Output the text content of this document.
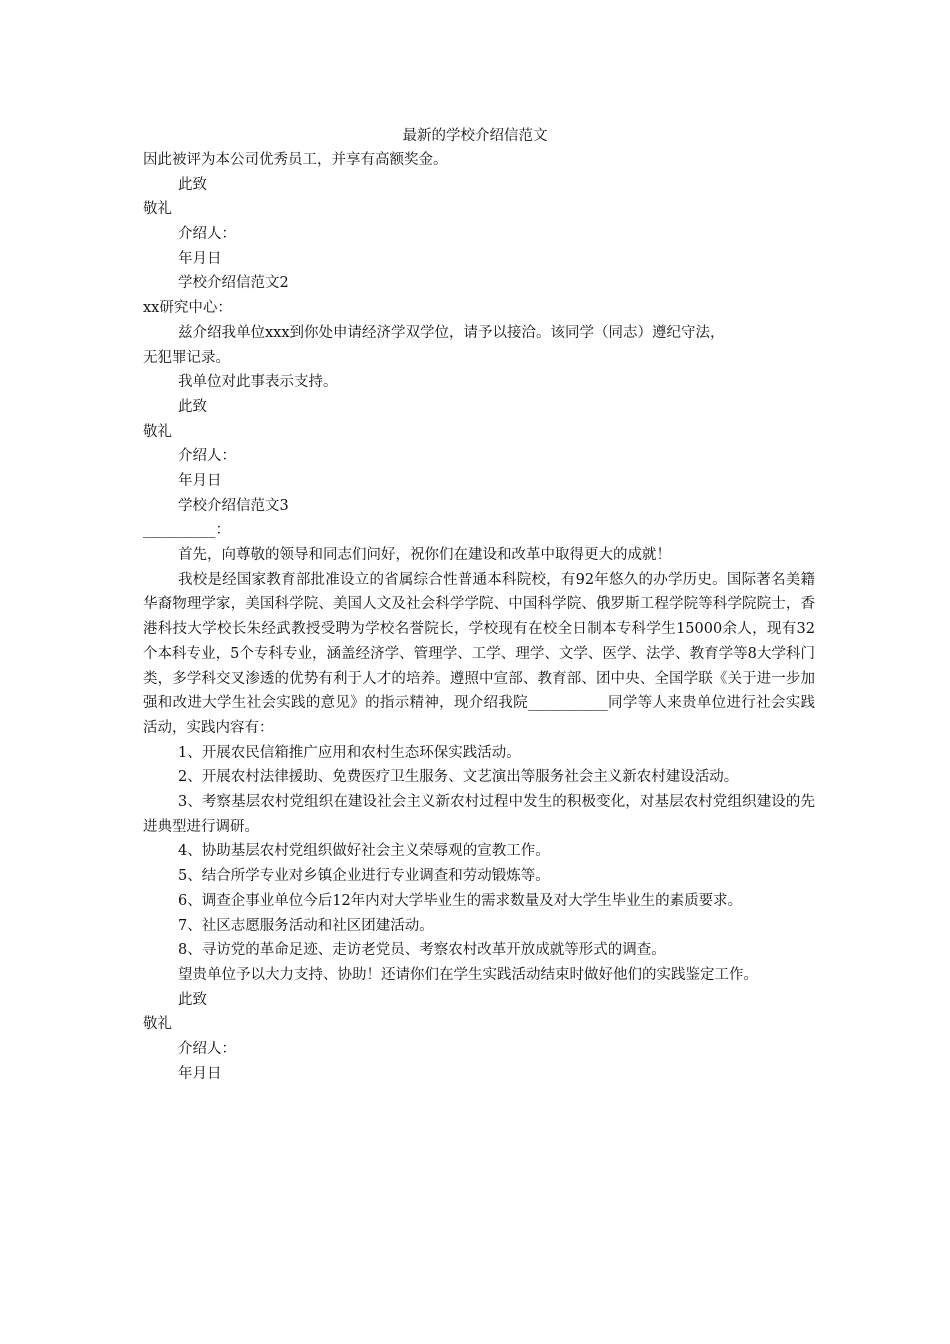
最新的学校介绍信范文
因此被评为本公司优秀员工，并享有高额奖金。
此致
敬礼
介绍人：
年月日
学校介绍信范文2
xx研究中心：
兹介绍我单位xxx到你处申请经济学双学位，请予以接洽。该同学（同志）遵纪守法，
无犯罪记录。
我单位对此事表示支持。
此致
敬礼
介绍人：
年月日
学校介绍信范文3
__________：
首先，向尊敬的领导和同志们问好，祝你们在建设和改革中取得更大的成就！
我校是经国家教育部批准设立的省属综合性普通本科院校，有92年悠久的办学历史。国际著名美籍华裔物理学家，美国科学院、美国人文及社会科学学院、中国科学院、俄罗斯工程学院等科学院院士，香港科技大学校长朱经武教授受聘为学校名誉院长，学校现有在校全日制本专科学生15000余人，现有32个本科专业，5个专科专业，涵盖经济学、管理学、工学、理学、文学、医学、法学、教育学等8大学科门类，多学科交叉渗透的优势有利于人才的培养。遵照中宣部、教育部、团中央、全国学联《关于进一步加强和改进大学生社会实践的意见》的指示精神，现介绍我院___________同学等人来贵单位进行社会实践活动，实践内容有：
1、开展农民信箱推广应用和农村生态环保实践活动。
2、开展农村法律援助、免费医疗卫生服务、文艺演出等服务社会主义新农村建设活动。
3、考察基层农村党组织在建设社会主义新农村过程中发生的积极变化，对基层农村党组织建设的先进典型进行调研。
4、协助基层农村党组织做好社会主义荣辱观的宣教工作。
5、结合所学专业对乡镇企业进行专业调查和劳动锻炼等。
6、调查企事业单位今后12年内对大学毕业生的需求数量及对大学生毕业生的素质要求。
7、社区志愿服务活动和社区团建活动。
8、寻访党的革命足迹、走访老党员、考察农村改革开放成就等形式的调查。
望贵单位予以大力支持、协助！还请你们在学生实践活动结束时做好他们的实践鉴定工作。
此致
敬礼
介绍人：
年月日
